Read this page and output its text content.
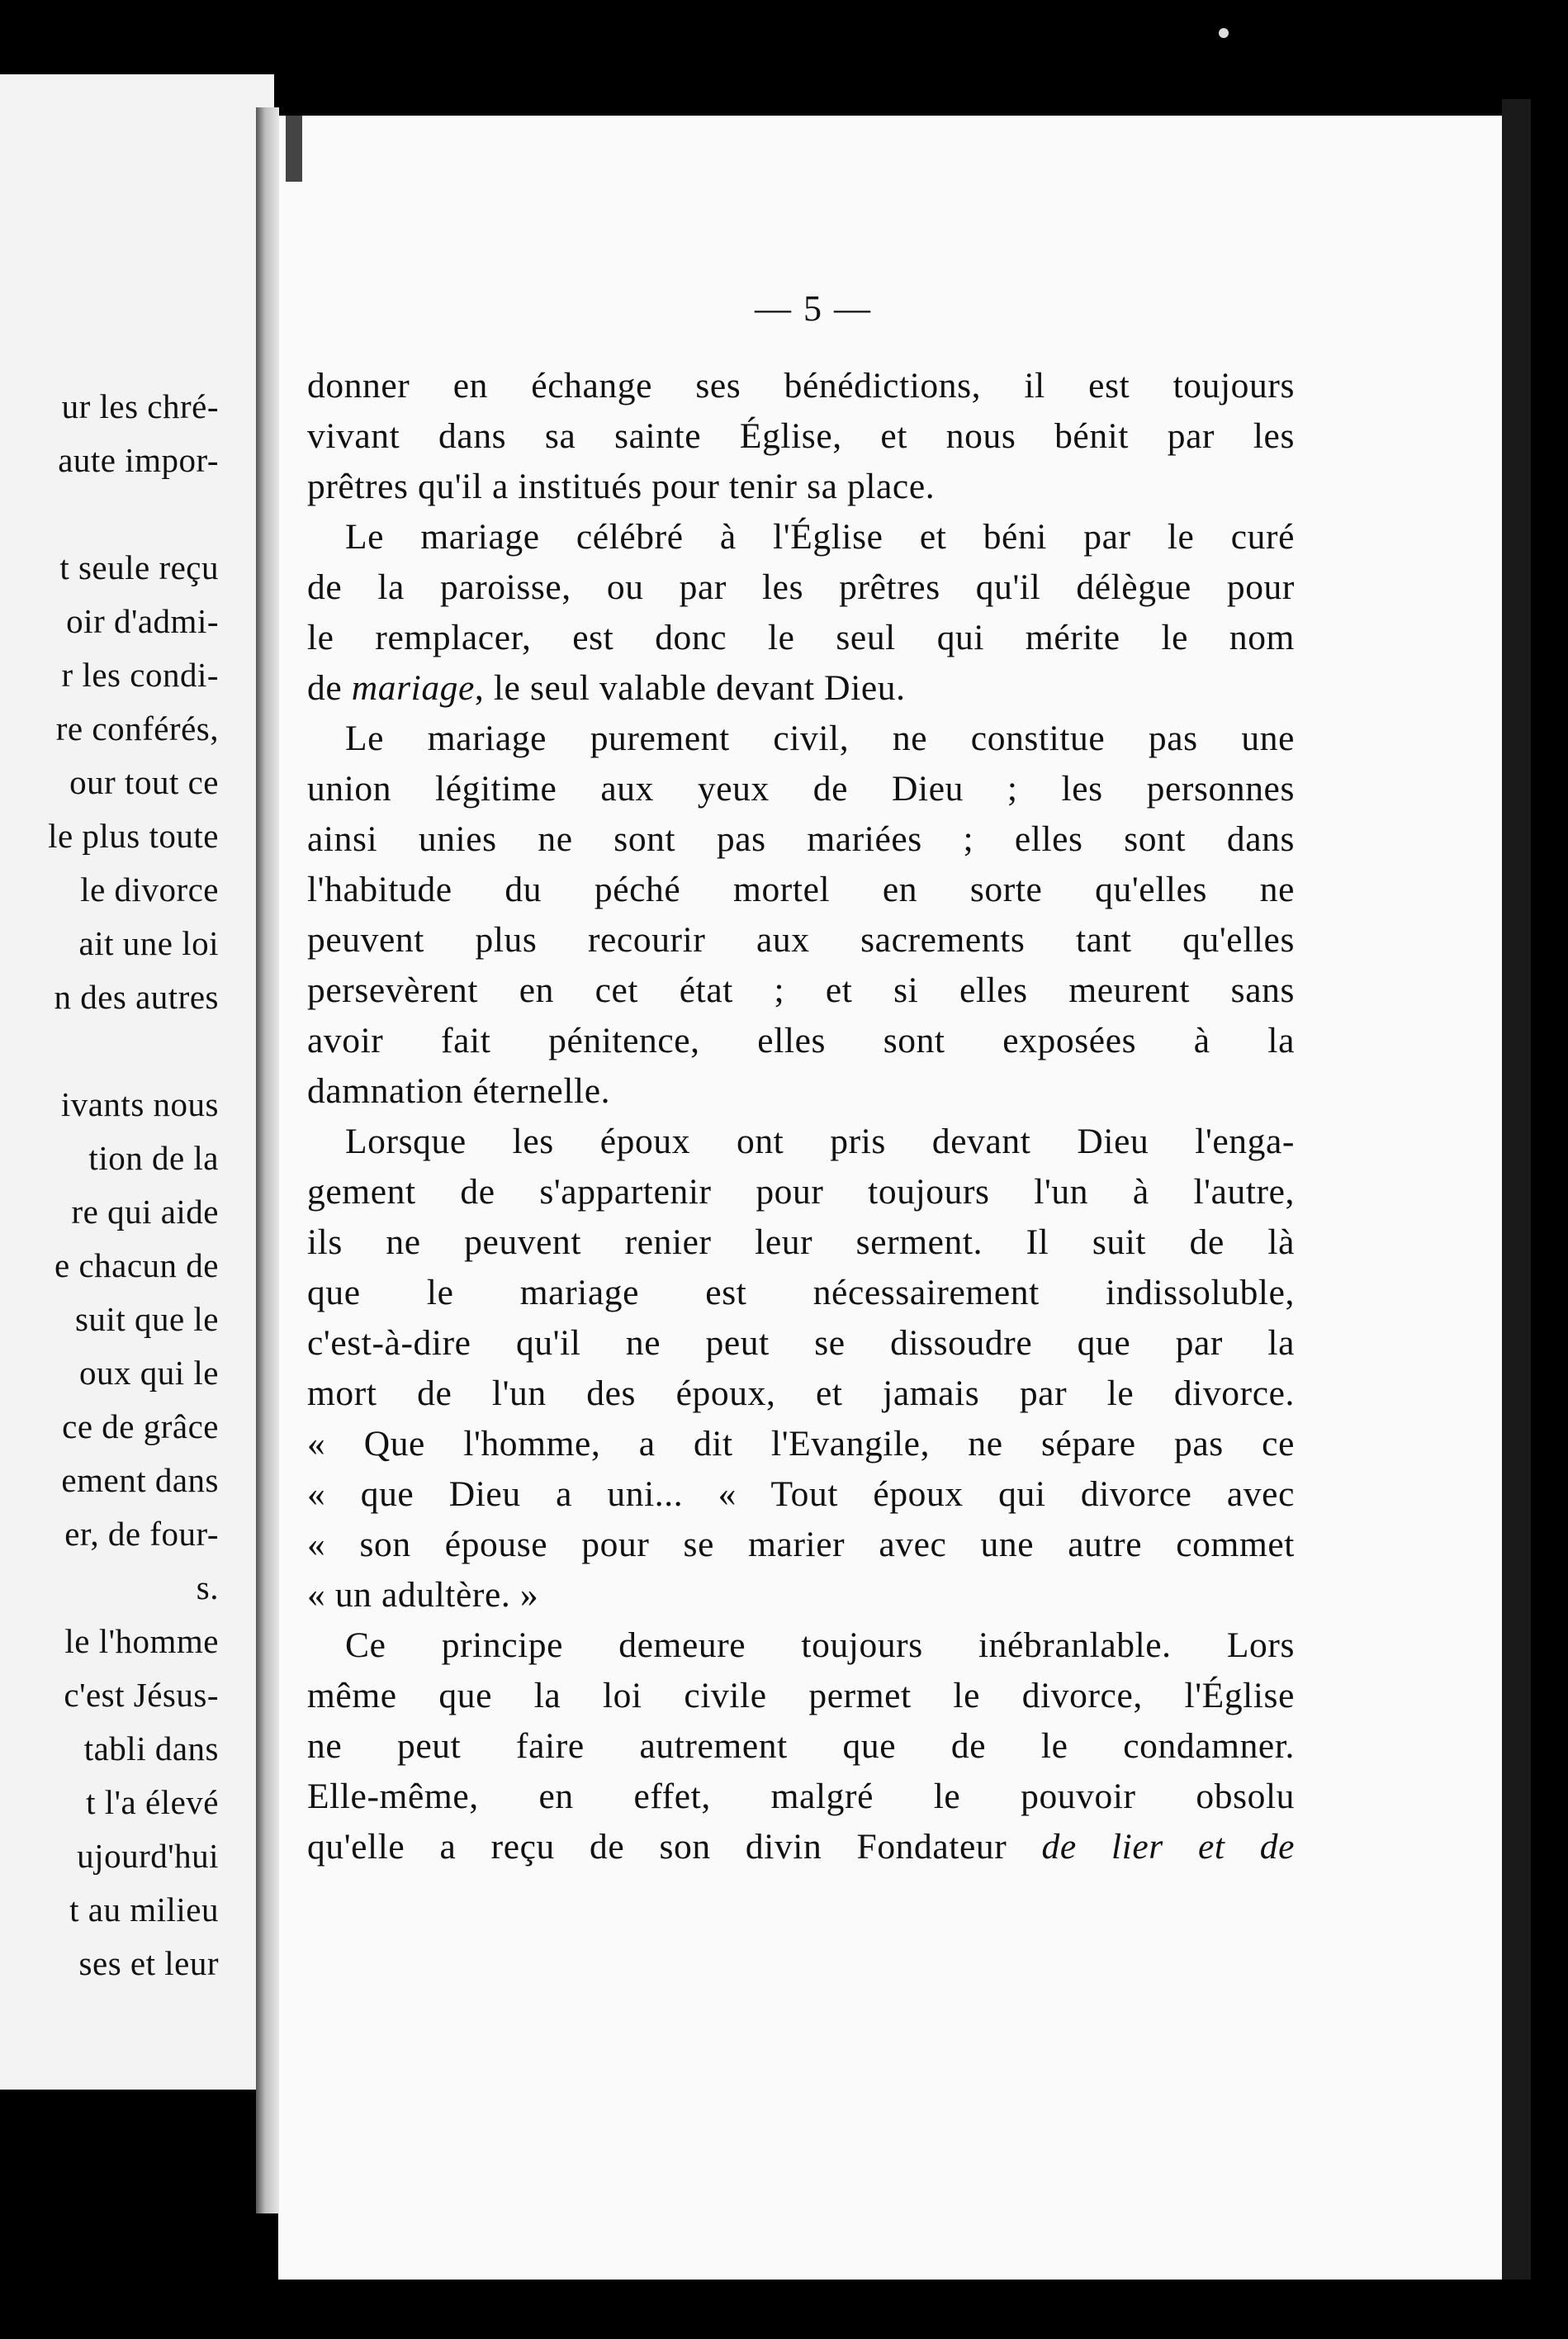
ur les chré-
aute impor-
t seule reçu
oir d'admi-
r les condi-
re conférés,
our tout ce
le plus toute
le divorce
ait une loi
n des autres
ivants nous
tion de la
re qui aide
e chacun de
suit que le
oux qui le
ce de grâce
ement dans
er, de four-
s.
le l'homme
c'est Jésus-
tabli dans
t l'a élevé
ujourd'hui
t au milieu
ses et leur
— 5 —
donner en échange ses bénédictions, il est toujours
vivant dans sa sainte Église, et nous bénit par les
prêtres qu'il a institués pour tenir sa place.
Le mariage célébré à l'Église et béni par le curé
de la paroisse, ou par les prêtres qu'il délègue pour
le remplacer, est donc le seul qui mérite le nom
de mariage, le seul valable devant Dieu.
Le mariage purement civil, ne constitue pas une
union légitime aux yeux de Dieu ; les personnes
ainsi unies ne sont pas mariées ; elles sont dans
l'habitude du péché mortel en sorte qu'elles ne
peuvent plus recourir aux sacrements tant qu'elles
persevèrent en cet état ; et si elles meurent sans
avoir fait pénitence, elles sont exposées à la
damnation éternelle.
Lorsque les époux ont pris devant Dieu l'enga-
gement de s'appartenir pour toujours l'un à l'autre,
ils ne peuvent renier leur serment. Il suit de là
que le mariage est nécessairement indissoluble,
c'est-à-dire qu'il ne peut se dissoudre que par la
mort de l'un des époux, et jamais par le divorce.
« Que l'homme, a dit l'Evangile, ne sépare pas ce
« que Dieu a uni... « Tout époux qui divorce avec
« son épouse pour se marier avec une autre commet
« un adultère. »
Ce principe demeure toujours inébranlable. Lors
même que la loi civile permet le divorce, l'Église
ne peut faire autrement que de le condamner.
Elle-même, en effet, malgré le pouvoir obsolu
qu'elle a reçu de son divin Fondateur de lier et de
